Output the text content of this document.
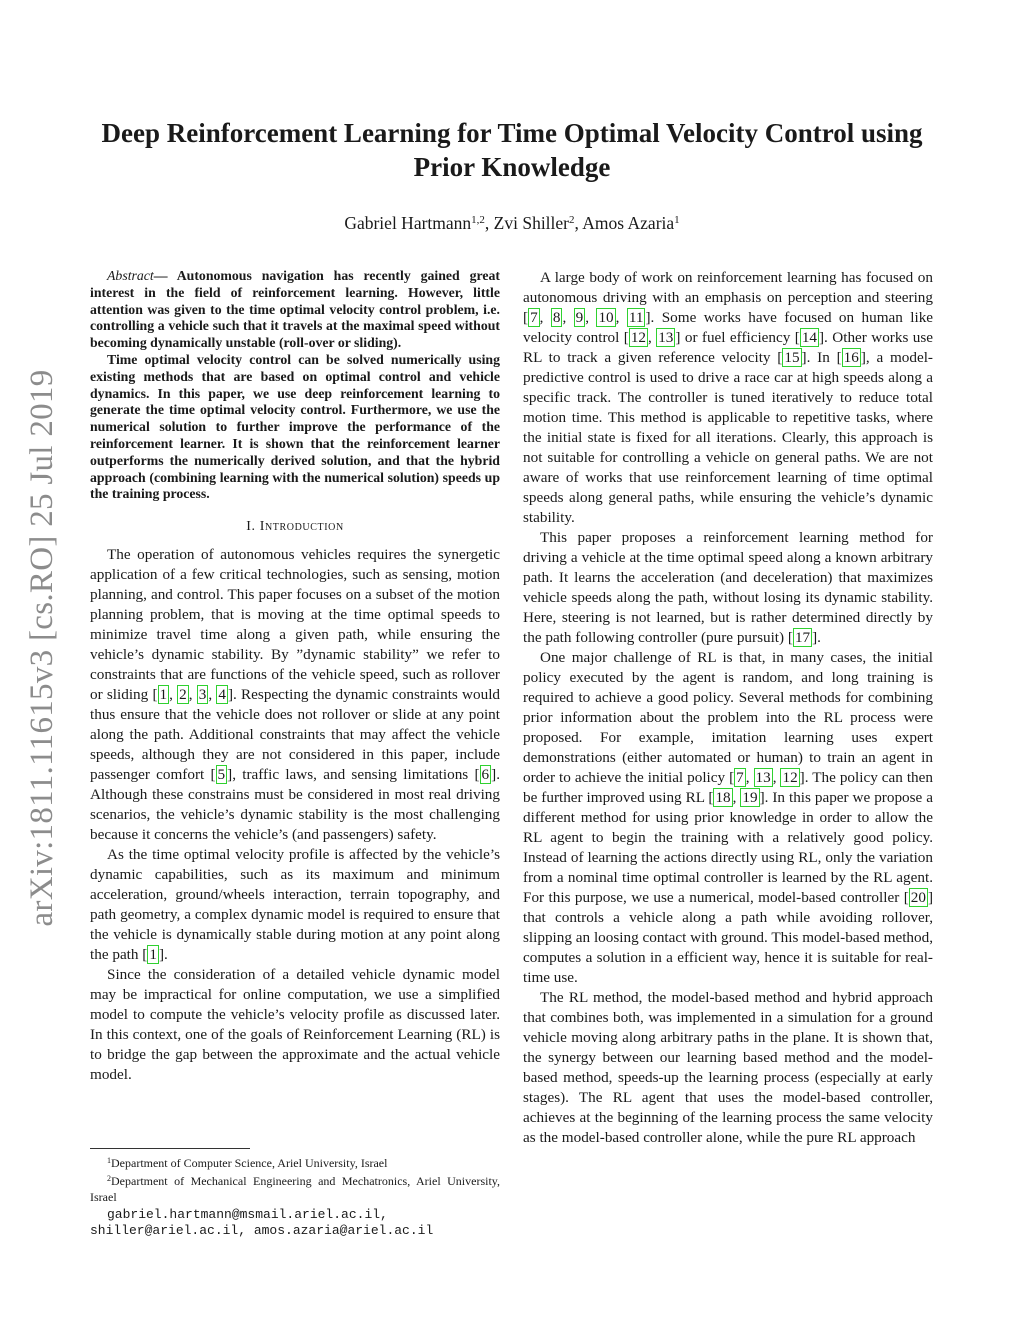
arXiv:1811.11615v3 [cs.RO] 25 Jul 2019
Deep Reinforcement Learning for Time Optimal Velocity Control using Prior Knowledge
Gabriel Hartmann$^{1,2}$, Zvi Shiller$^2$, Amos Azaria$^1$

Abstract— Autonomous navigation has recently gained great interest in the field of reinforcement learning. However, little attention was given to the time optimal velocity control problem, i.e. controlling a vehicle such that it travels at the maximal speed without becoming dynamically unstable (roll-over or sliding).

Time optimal velocity control can be solved numerically using existing methods that are based on optimal control and vehicle dynamics. In this paper, we use deep reinforcement learning to generate the time optimal velocity control. Furthermore, we use the numerical solution to further improve the performance of the reinforcement learner. It is shown that the reinforcement learner outperforms the numerically derived solution, and that the hybrid approach (combining learning with the numerical solution) speeds up the training process.

I. Introduction

The operation of autonomous vehicles requires the synergetic application of a few critical technologies, such as sensing, motion planning, and control. This paper focuses on a subset of the motion planning problem, that is moving at the time optimal speeds to minimize travel time along a given path, while ensuring the vehicle’s dynamic stability. By ”dynamic stability” we refer to constraints that are functions of the vehicle speed, such as rollover or sliding [ 1 , 2 , 3 , 4 ]. Respecting the dynamic constraints would thus ensure that the vehicle does not rollover or slide at any point along the path. Additional constraints that may affect the vehicle speeds, although they are not considered in this paper, include passenger comfort [ 5 ], traffic laws, and sensing limitations [ 6 ]. Although these constrains must be considered in most real driving scenarios, the vehicle’s dynamic stability is the most challenging because it concerns the vehicle’s (and passengers) safety.

As the time optimal velocity profile is affected by the vehicle’s dynamic capabilities, such as its maximum and minimum acceleration, ground/wheels interaction, terrain topography, and path geometry, a complex dynamic model is required to ensure that the vehicle is dynamically stable during motion at any point along the path [ 1 ].

Since the consideration of a detailed vehicle dynamic model may be impractical for online computation, we use a simplified model to compute the vehicle’s velocity profile as discussed later. In this context, one of the goals of Reinforcement Learning (RL) is to bridge the gap between the approximate and the actual vehicle model.

$^1$Department of Computer Science, Ariel University, Israel

$^2$Department of Mechanical Engineering and Mechatronics, Ariel University, Israel

gabriel.hartmann@msmail.ariel.ac.il, shiller@ariel.ac.il, amos.azaria@ariel.ac.il

A large body of work on reinforcement learning has focused on autonomous driving with an emphasis on perception and steering [ 7 , 8 , 9 , 10 , 11 ]. Some works have focused on human like velocity control [ 12 , 13 ] or fuel efficiency [ 14 ]. Other works use RL to track a given reference velocity [ 15 ]. In [ 16 ], a model-predictive control is used to drive a race car at high speeds along a specific track. The controller is tuned iteratively to reduce total motion time. This method is applicable to repetitive tasks, where the initial state is fixed for all iterations. Clearly, this approach is not suitable for controlling a vehicle on general paths. We are not aware of works that use reinforcement learning of time optimal speeds along general paths, while ensuring the vehicle’s dynamic stability.

This paper proposes a reinforcement learning method for driving a vehicle at the time optimal speed along a known arbitrary path. It learns the acceleration (and deceleration) that maximizes vehicle speeds along the path, without losing its dynamic stability. Here, steering is not learned, but is rather determined directly by the path following controller (pure pursuit) [ 17 ].

One major challenge of RL is that, in many cases, the initial policy executed by the agent is random, and long training is required to achieve a good policy. Several methods for combining prior information about the problem into the RL process were proposed. For example, imitation learning uses expert demonstrations (either automated or human) to train an agent in order to achieve the initial policy [ 7 , 13 , 12 ]. The policy can then be further improved using RL [ 18 , 19 ]. In this paper we propose a different method for using prior knowledge in order to allow the RL agent to begin the training with a relatively good policy. Instead of learning the actions directly using RL, only the variation from a nominal time optimal controller is learned by the RL agent. For this purpose, we use a numerical, model-based controller [ 20 ] that controls a vehicle along a path while avoiding rollover, slipping an loosing contact with ground. This model-based method, computes a solution in a efficient way, hence it is suitable for real-time use.

The RL method, the model-based method and hybrid approach that combines both, was implemented in a simulation for a ground vehicle moving along arbitrary paths in the plane. It is shown that, the synergy between our learning based method and the model-based method, speeds-up the learning process (especially at early stages). The RL agent that uses the model-based controller, achieves at the beginning of the learning process the same velocity as the model-based controller alone, while the pure RL approach
